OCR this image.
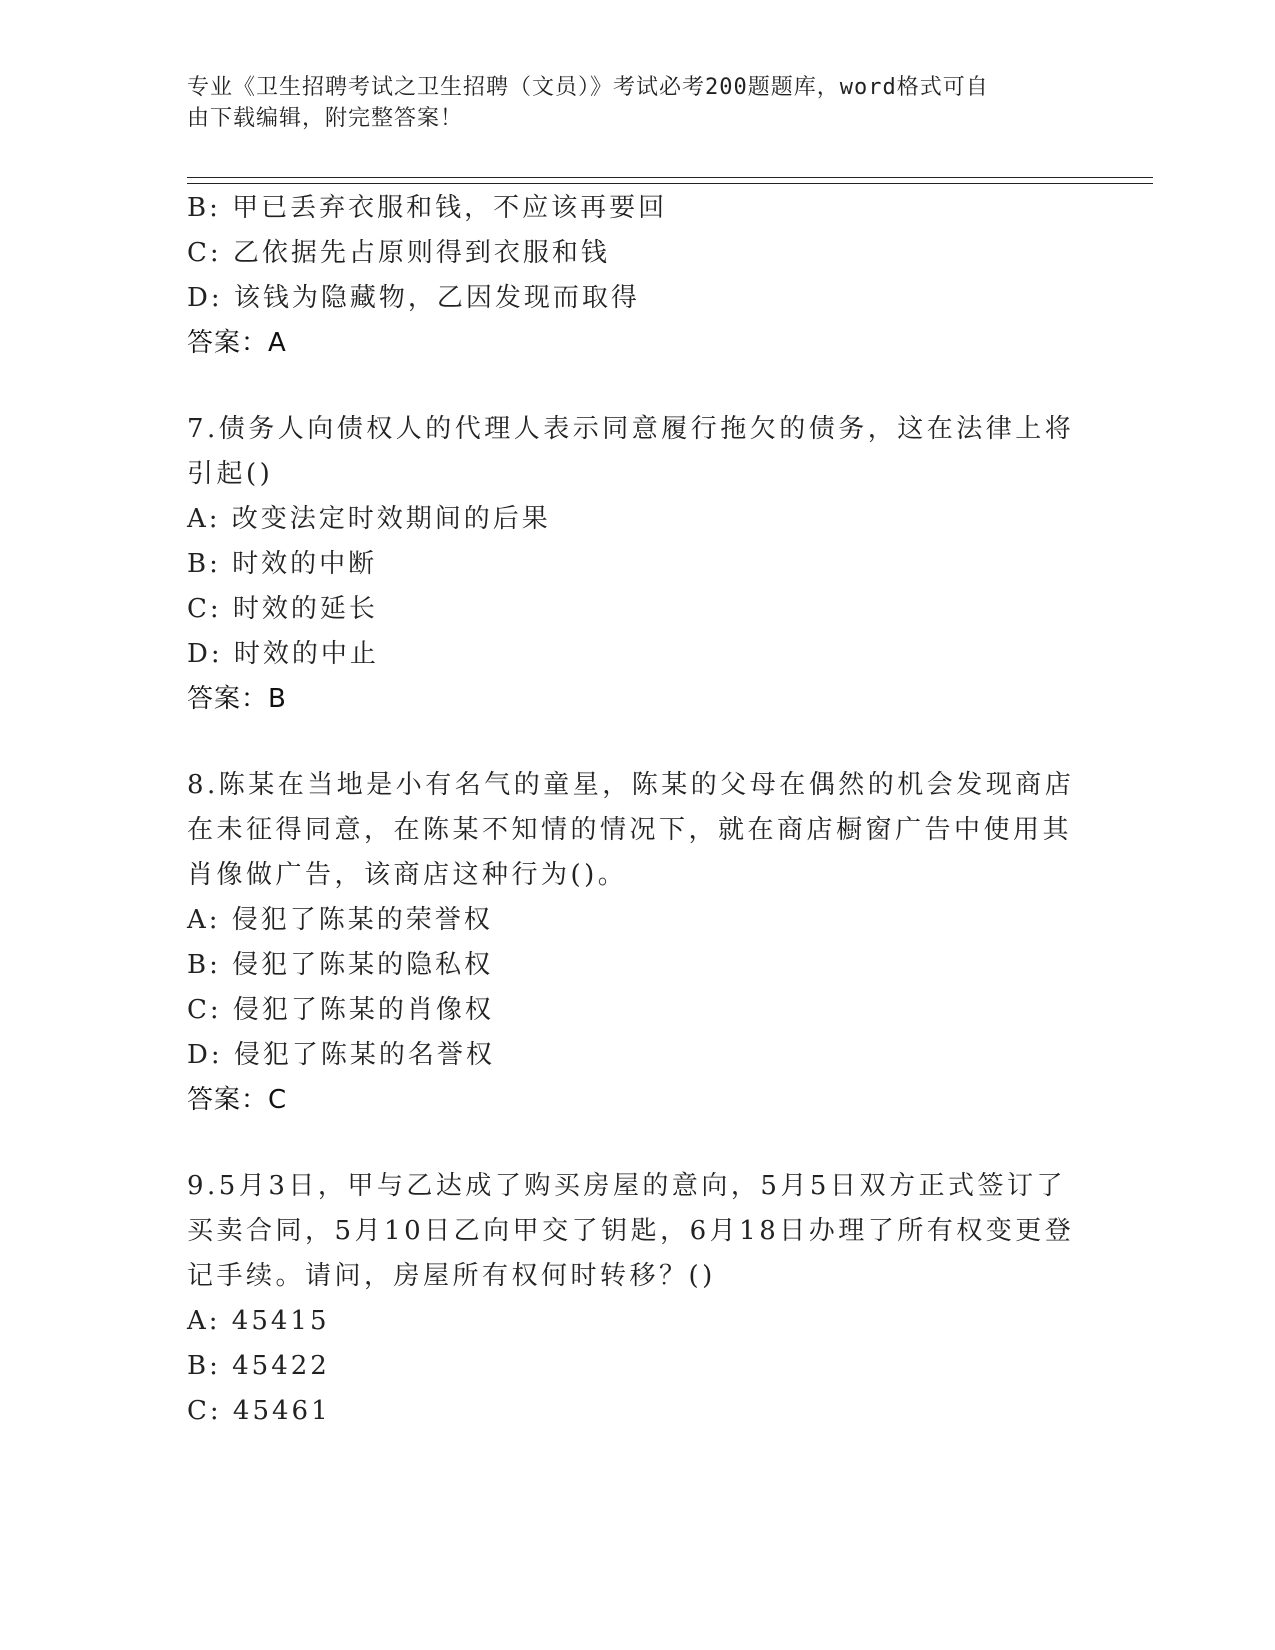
专业《卫生招聘考试之卫生招聘（文员）》考试必考200题题库，word格式可自
由下载编辑，附完整答案！
B: 甲已丢弃衣服和钱，不应该再要回
C: 乙依据先占原则得到衣服和钱
D: 该钱为隐藏物，乙因发现而取得
答案：A
7.债务人向债权人的代理人表示同意履行拖欠的债务，这在法律上将
引起()
A: 改变法定时效期间的后果
B: 时效的中断
C: 时效的延长
D: 时效的中止
答案：B
8.陈某在当地是小有名气的童星，陈某的父母在偶然的机会发现商店
在未征得同意，在陈某不知情的情况下，就在商店橱窗广告中使用其
肖像做广告，该商店这种行为()。
A: 侵犯了陈某的荣誉权
B: 侵犯了陈某的隐私权
C: 侵犯了陈某的肖像权
D: 侵犯了陈某的名誉权
答案：C
9.5月3日，甲与乙达成了购买房屋的意向，5月5日双方正式签订了
买卖合同，5月10日乙向甲交了钥匙，6月18日办理了所有权变更登
记手续。请问，房屋所有权何时转移？()
A: 45415
B: 45422
C: 45461
